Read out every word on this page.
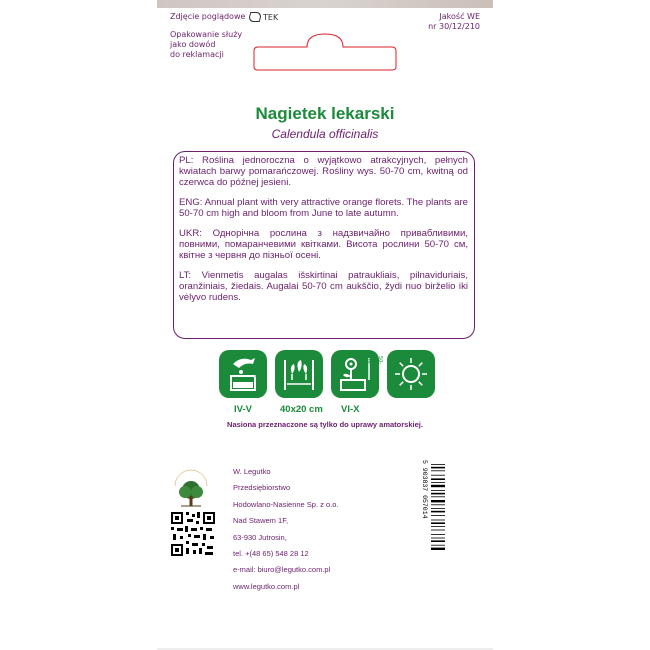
Zdjęcie poglądowe TEK	Jakość WE
nr 30/12/210
Opakowanie służy
jako dowód
do reklamacji
Nagietek lekarski
Calendula officinalis

PL: Roślina jednoroczna o wyjątkowo atrakcyjnych, pełnych kwiatach barwy pomarańczowej. Rośliny wys. 50-70 cm, kwitną od czerwca do późnej jesieni.

ENG: Annual plant with very attractive orange florets. The plants are 50-70 cm high and bloom from June to late autumn.

UKR: Однорічна рослина з надзвичайно привабливими, повними, помаранчевими квітками. Висота рослини 50-70 см, квітне з червня до пізньої осені.

LT: Vienmetis augalas išskirtinai patrauklіais, pilnaviduriais, oranžiniais, žiedais. Augalai 50-70 cm aukščio, žydi nuo birželio iki vėlyvo rudens.

0,5 cm
50-70 cm
IV-V	40x20 cm VI-X
Nasiona przeznaczone są tylko do uprawy amatorskiej.
W. Legutko
Przedsiębiorstwo
Hodowlano-Nasienne Sp. z o.o.
Nad Stawem 1F,
63-930 Jutrosin,
tel. +(48 65) 548 28 12
e-mail: biuro@legutko.com.pl
www.legutko.com.pl
5 903837 057014
